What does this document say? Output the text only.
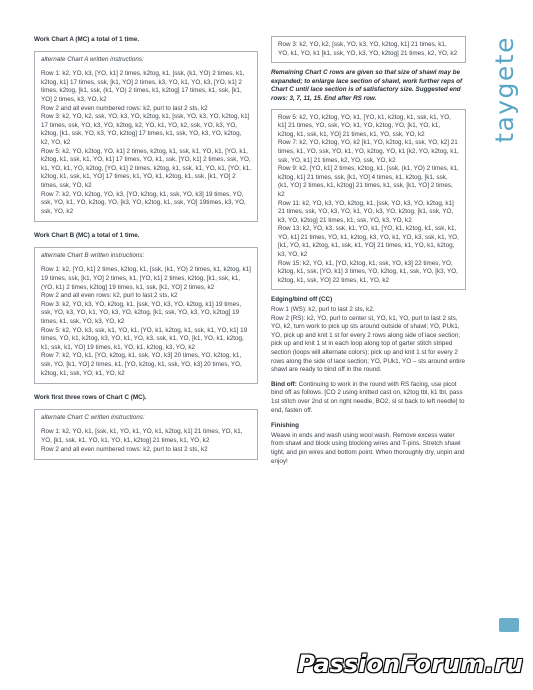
Work Chart A (MC) a total of 1 time.
alternate Chart A written instructions:
Row 1: k2, YO, k3, [YO, k1] 2 times, k2tog, k1, [ssk, (k1, YO) 2 times, k1, k2tog, k1] 17 times, ssk, [k1, YO] 2 times, k3, YO, k1, YO, k3, [YO, k1] 2 times, k2tog, [k1, ssk, (k1, YO) 2 times, k1, k2tog] 17 times, k1, ssk, [k1, YO] 2 times, k3, YO, k2
Row 2 and all even numbered rows: k2, purl to last 2 sts, k2
Row 3: k2, YO, k2, ssk, YO, k3, YO, k2tog, k1, [ssk, YO, k3, YO, k2tog, k1] 17 times, ssk, YO, k3, YO, k2tog, k2, YO, k1, YO, k2, ssk, YO, k3, YO, k2tog, [k1, ssk, YO, k3, YO, k2tog] 17 times, k1, ssk, YO, k3, YO, k2tog, k2, YO, k2
Row 5: k2, YO, k2tog, YO, k1] 2 times, k2tog, k1, ssk, k1, YO, k1, [YO, k1, k2tog, k1, ssk, k1, YO, k1] 17 times, YO, k1, ssk, [YO, k1] 2 times, ssk, YO, k1, YO, k1, YO, k2tog, [YO, k1] 2 times, k2tog, k1, ssk, k1, YO, k1, [YO, k1, k2tog, k1, ssk, k1, YO] 17 times, k1, YO, k1, k2tog, k1, ssk, [k1, YO] 2 times, ssk, YO, k2
Row 7: k2, YO, k2tog, YO, k3, [YO, k2tog, k1, ssk, YO, k3] 19 times, YO, ssk, YO, k1, YO, k2tog, YO, [k3, YO, k2tog, k1, ssk, YO] 19times, k3, YO, ssk, YO, k2
Work Chart B (MC) a total of 1 time.
alternate Chart B written instructions:
Row 1: k2, [YO, k1] 2 times, k2tog, k1, [ssk, (k1, YO) 2 times, k1, k2tog, k1] 19 times, ssk, [k1, YO] 2 times, k1, [YO, k1] 2 times, k2tog, [k1, ssk, k1, (YO, k1) 2 times, k2tog] 19 times, k1, ssk, [k1, YO] 2 times, k2
Row 2 and all even rows: k2, purl to last 2 sts, k2
Row 3: k2, YO, k3, YO, k2tog, k1, [ssk, YO, k3, YO, k2tog, k1] 19 times, ssk, YO, k3, YO, k1, YO, k3, YO, k2tog, [k1, ssk, YO, k3, YO, k2tog] 19 times, k1, ssk, YO, k3, YO, k2
Row 5: k2, YO, k3, ssk, k1, YO, k1, [YO, k1, k2tog, k1, ssk, k1, YO, k1] 19 times, YO, k1, k2tog, k3, YO, k1, YO, k3, ssk, k1, YO, [k1, YO, k1, k2tog, k1, ssk, k1, YO] 19 times, k1, YO, k1, k2tog, k3, YO, k2
Row 7: k2, YO, k1, [YO, k2tog, k1, ssk, YO, k3] 20 times, YO, k2tog, k1, ssk, YO, [k1, YO] 2 times, k1, [YO, k2tog, k1, ssk, YO, k3] 20 times, YO, k2tog, k1, ssk, YO, k1, YO, k2
Work first three rows of Chart C (MC).
alternate Chart C written instructions:
Row 1: k2, YO, k1, [ssk, k1, YO, k1, YO, k1, k2tog, k1] 21 times, YO, k1, YO, [k1, ssk, k1, YO, k1, YO, k1, k2tog] 21 times, k1, YO, k2
Row 2 and all even numbered rows: k2, purl to last 2 sts, k2
Row 3: k2, YO, k2, [ssk, YO, k3, YO, k2tog, k1] 21 times, k1, YO, k1, YO, k1 [k1, ssk, YO, k3, YO, k2tog] 21 times, k2, YO, k2
Remaining Chart C rows are given so that size of shawl may be expanded; to enlarge lace section of shawl, work further reps of Chart C until lace section is of satisfactory size. Suggested end rows: 3, 7, 11, 15. End after RS row.
Row 5: k2, YO, k2tog, YO, k1, [YO, k1, k2tog, k1, ssk, k1, YO, k1] 21 times, YO, ssk, YO, k1, YO, k2tog, YO, [k1, YO, k1, k2tog, k1, ssk, k1, YO] 21 times, k1, YO, ssk, YO, k2
Row 7: k2, YO, k2tog, YO, k2 [k1, YO, k2tog, k1, ssk, YO, k2] 21 times, k1, YO, ssk, YO, k1, YO, k2tog, YO, k1 [k2, YO, k2tog, k1, ssk, YO, k1] 21 times, k2, YO, ssk, YO, k2
Row 9: k2, [YO, k1] 2 times, k2tog, k1, [ssk, (k1, YO) 2 times, k1, k2tog, k1] 21 times, ssk, [k1, YO] 4 times, k1, k2tog, [k1, ssk, (k1, YO) 2 times, k1, k2tog] 21 times, k1, ssk, [k1, YO] 2 times, k2
Row 11: k2, YO, k3, YO, k2tog, k1, [ssk, YO, k3, YO, k2tog, k1] 21 times, ssk, YO, k3, YO, k1, YO, k3, YO, k2tog, [k1, ssk, YO, k3, YO, k2tog] 21 times, k1, ssk, YO, k3, YO, k2
Row 13: k2, YO, k3, ssk, k1, YO, k1, [YO, k1, k2tog, k1, ssk, k1, YO, k1] 21 times, YO, k1, k2tog, k3, YO, k1, YO, k3, ssk, k1, YO, [k1, YO, k1, k2tog, k1, ssk, k1, YO] 21 times, k1, YO, k1, k2tog, k3, YO, k2
Row 15: k2, YO, k1, [YO, k2tog, k1, ssk, YO, k3] 22 times, YO, k2tog, k1, ssk, [YO, k1] 3 times, YO, k2tog, k1, ssk, YO, [k3, YO, k2tog, k1, ssk, YO] 22 times, k1, YO, k2
Edging/bind off (CC)
Row 1 (WS): k2, purl to last 2 sts, k2.
Row 2 (RS): k2, YO, purl to center st, YO, k1, YO, purl to last 2 sts, YO, k2, turn work to pick up sts around outside of shawl; YO, PUk1, YO, pick up and knit 1 st for every 2 rows along side of lace section; pick up and knit 1 st in each loop along top of garter stitch striped section (loops will alternate colors); pick up and knit 1 st for every 2 rows along the side of lace section; YO, PUk1, YO – sts around entire shawl are ready to bind off in the round.
Bind off: Continuing to work in the round with RS facing, use picot bind off as follows. [CO 2 using knitted cast on, k2tog tbl, k1 tbl, pass 1st stitch over 2nd st on right needle, BO2, sl st back to left needle] to end, fasten off.
Finishing
Weave in ends and wash using wool wash. Remove excess water from shawl and block using blocking wires and T-pins. Stretch shawl tight, and pin wires and bottom point. When thoroughly dry, unpin and enjoy!
taygete
PassionForum.ru
